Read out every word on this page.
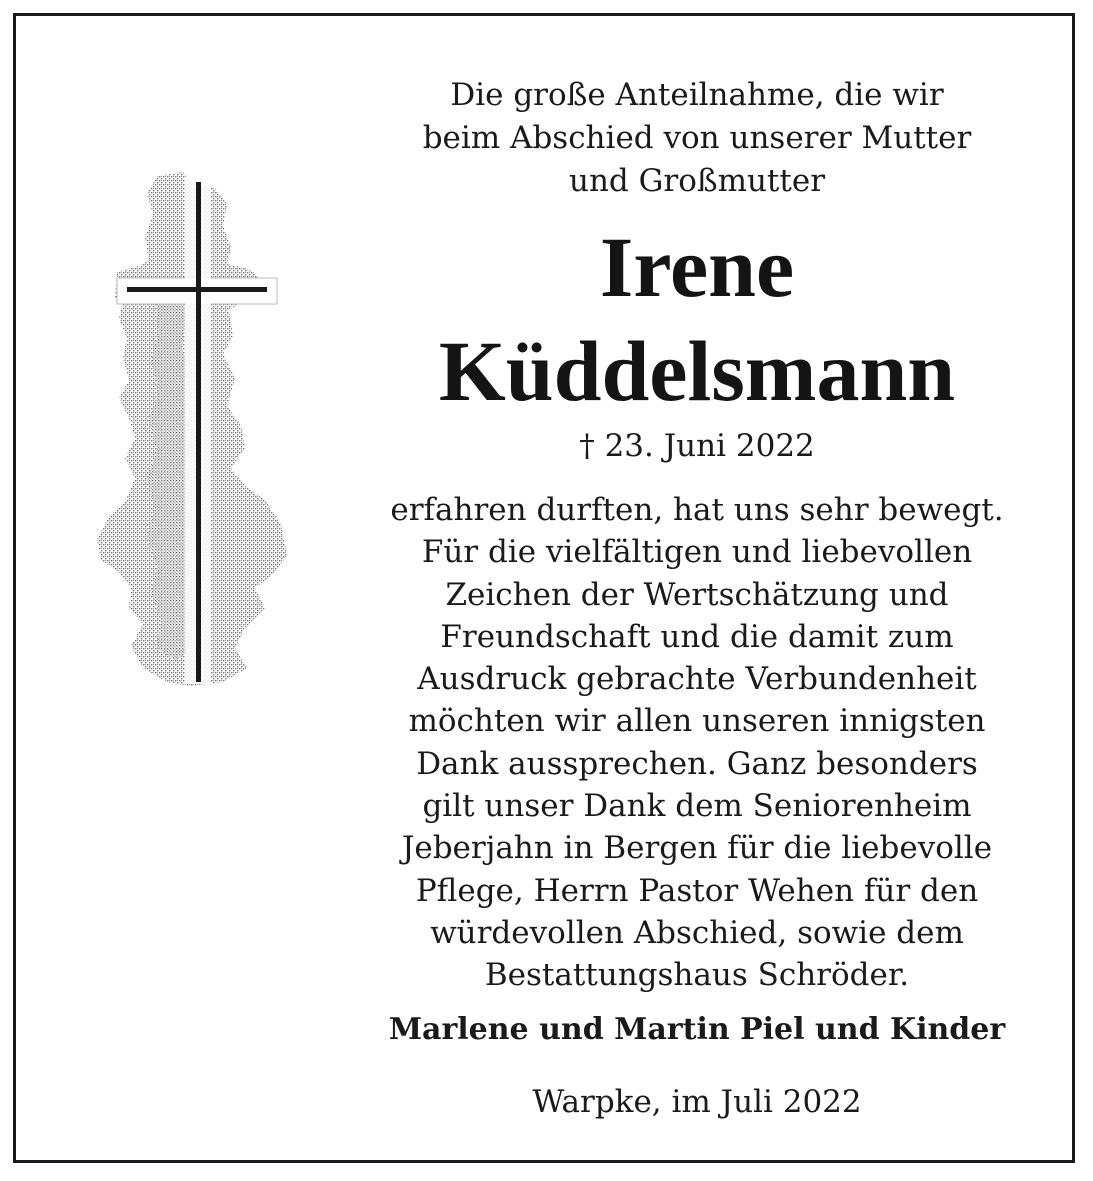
Die große Anteilnahme, die wir
beim Abschied von unserer Mutter
und Großmutter

Irene
Küddelsmann

† 23. Juni 2022

erfahren durften, hat uns sehr bewegt.
Für die vielfältigen und liebevollen
Zeichen der Wertschätzung und
Freundschaft und die damit zum
Ausdruck gebrachte Verbundenheit
möchten wir allen unseren innigsten
Dank aussprechen. Ganz besonders
gilt unser Dank dem Seniorenheim
Jeberjahn in Bergen für die liebevolle
Pflege, Herrn Pastor Wehen für den
würdevollen Abschied, sowie dem
Bestattungshaus Schröder.

Marlene und Martin Piel und Kinder

Warpke, im Juli 2022
